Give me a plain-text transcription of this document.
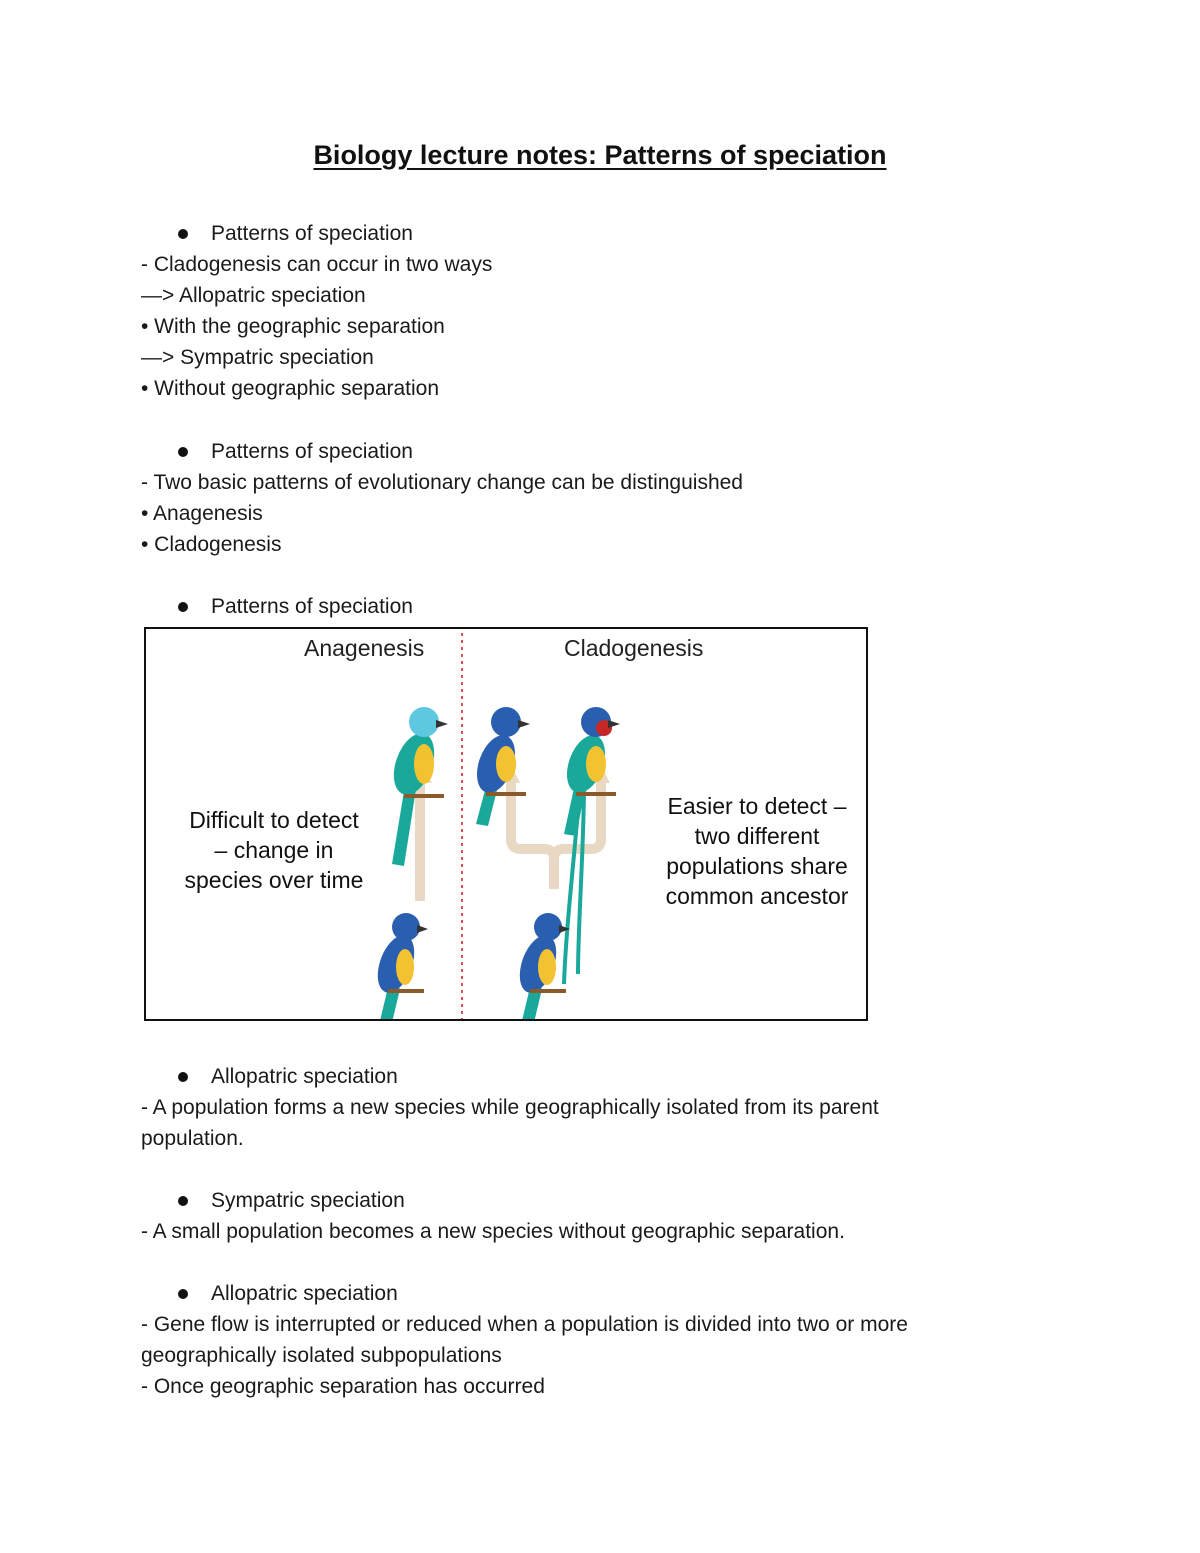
Biology lecture notes: Patterns of speciation
Patterns of speciation
- Cladogenesis can occur in two ways
—> Allopatric speciation
• With the geographic separation
—> Sympatric speciation
• Without geographic separation
Patterns of speciation
- Two basic patterns of evolutionary change can be distinguished
• Anagenesis
• Cladogenesis
Patterns of speciation
Anagenesis	Cladogenesis
Difficult to detect
– change in
species over time
Easier to detect –
two different
populations share
common ancestor
Allopatric speciation
- A population forms a new species while geographically isolated from its parent
population.
Sympatric speciation
- A small population becomes a new species without geographic separation.
Allopatric speciation
- Gene flow is interrupted or reduced when a population is divided into two or more
geographically isolated subpopulations
- Once geographic separation has occurred
